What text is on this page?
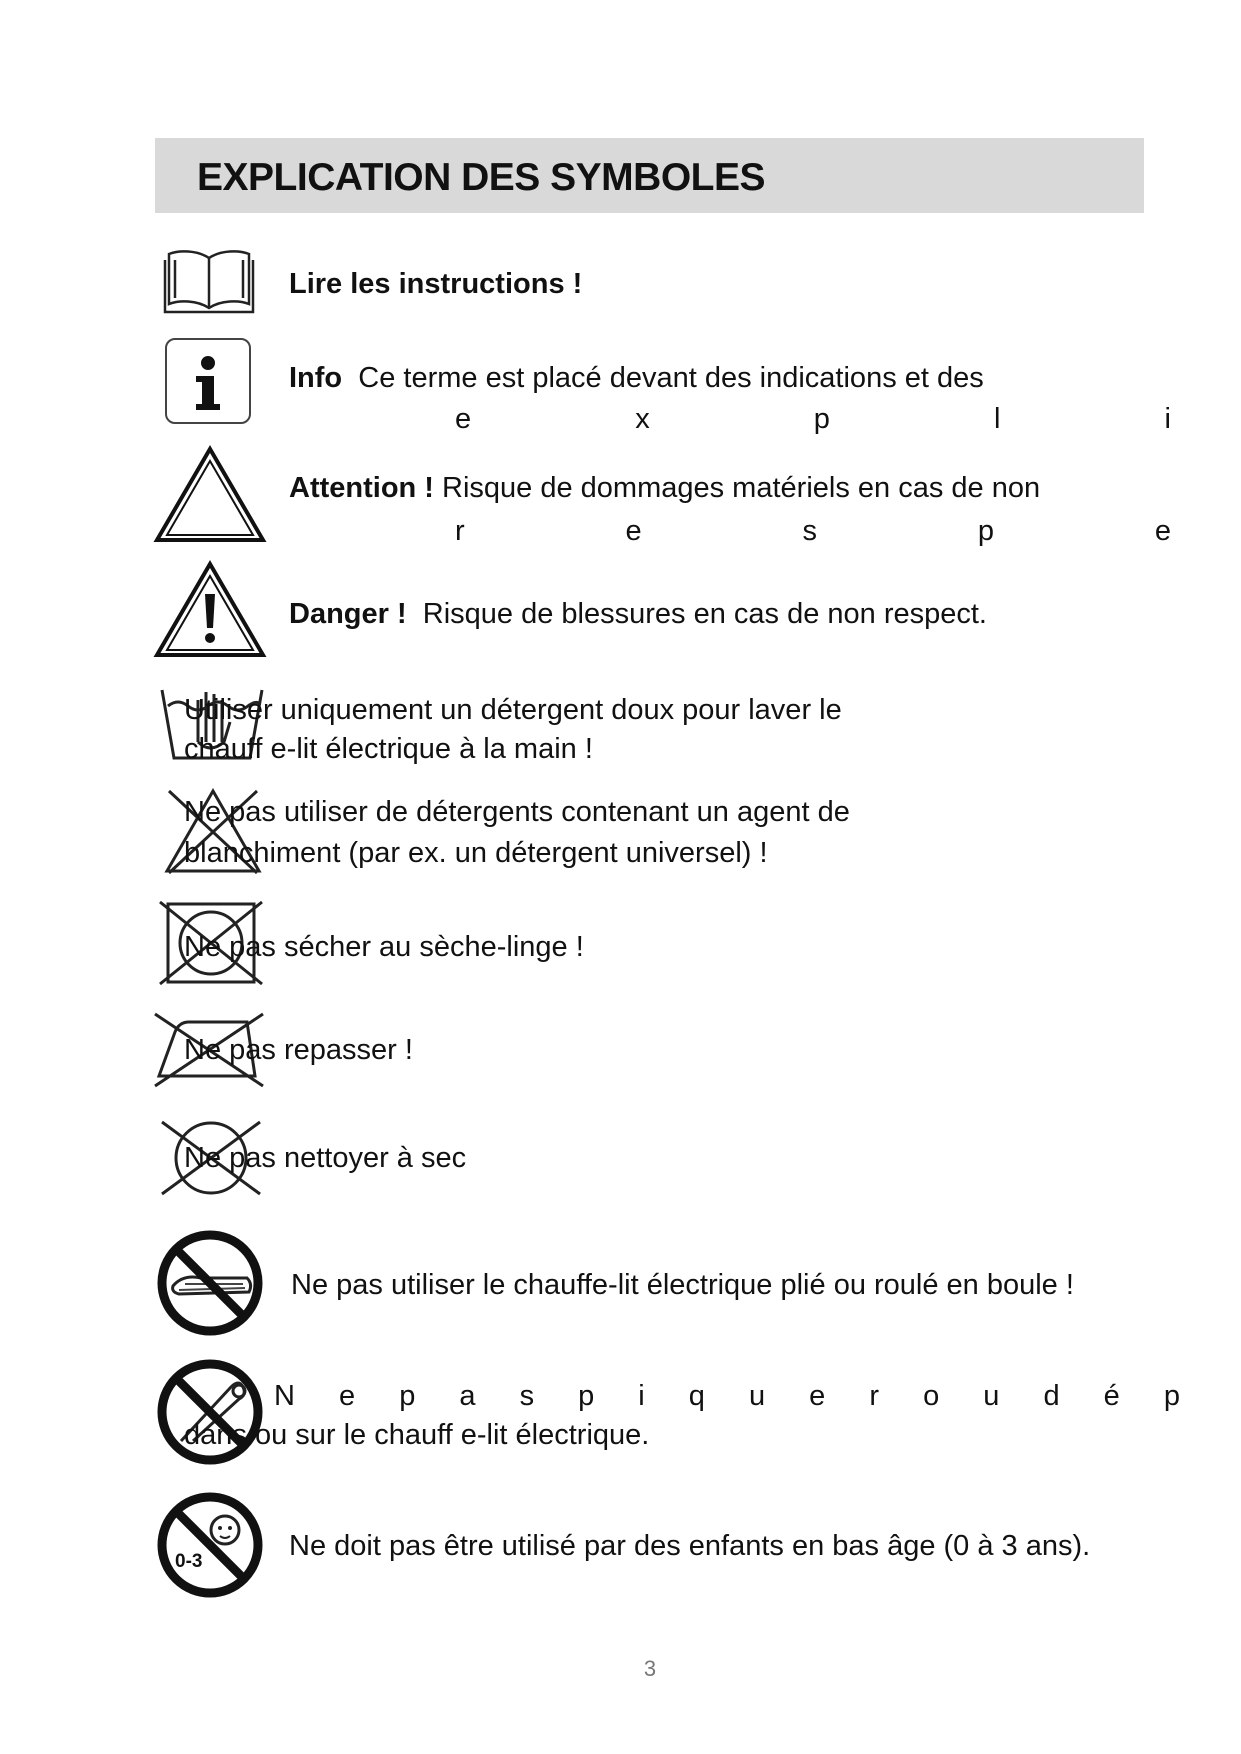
EXPLICATION DES SYMBOLES
Lire les instructions !
Info Ce terme est placé devant des indications et des
e	x	p	l	i
Attention ! Risque de dommages matériels en cas de non
r	e	s	p	e
Danger ! Risque de blessures en cas de non respect.
Utiliser uniquement un détergent doux pour laver le
chauff e-lit électrique à la main !
Ne pas utiliser de détergents contenant un agent de
blanchiment (par ex. un détergent universel) !
Ne pas sécher au sèche-linge !
Ne pas repasser !
Ne pas nettoyer à sec
Ne pas utiliser le chauffe-lit électrique plié ou roulé en boule !
N e p a s p i q u e r o u d é p
dans ou sur le chauff e-lit électrique.
0-3	Ne doit pas être utilisé par des enfants en bas âge (0 à 3 ans).
3
